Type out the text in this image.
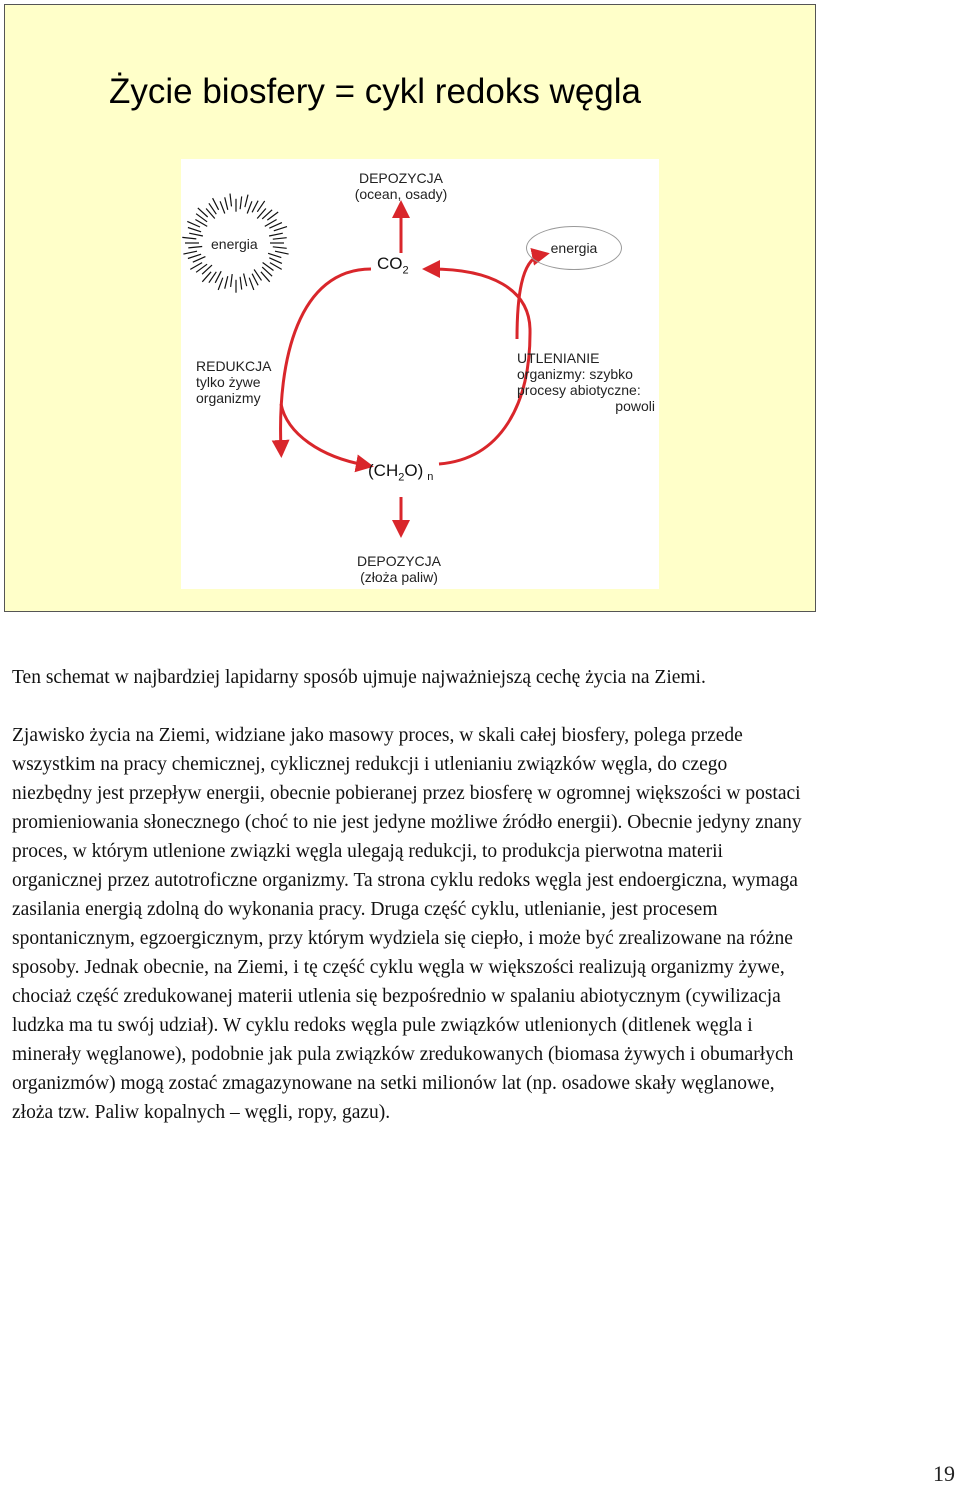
Życie biosfery = cykl redoks węgla
DEPOZYCJA
(ocean, osady)
energia
$CO_2$
energia
REDUKCJA
tylko żywe
organizmy
UTLENIANIE
organizmy: szybko
procesy abiotyczne:
powoli
$(CH_2O)$ $_n$
DEPOZYCJA
(złoża paliw)

Ten schemat w najbardziej lapidarny sposób ujmuje najważniejszą cechę życia na Ziemi.

Zjawisko życia na Ziemi, widziane jako masowy proces, w skali całej biosfery, polega przede wszystkim na pracy chemicznej, cyklicznej redukcji i utlenianiu związków węgla, do czego niezbędny jest przepływ energii, obecnie pobieranej przez biosferę w ogromnej większości w postaci promieniowania słonecznego (choć to nie jest jedyne możliwe źródło energii). Obecnie jedyny znany proces, w którym utlenione związki węgla ulegają redukcji, to produkcja pierwotna materii organicznej przez autotroficzne organizmy. Ta strona cyklu redoks węgla jest endoergiczna, wymaga zasilania energią zdolną do wykonania pracy. Druga część cyklu, utlenianie, jest procesem spontanicznym, egzoergicznym, przy którym wydziela się ciepło, i może być zrealizowane na różne sposoby. Jednak obecnie, na Ziemi, i tę część cyklu węgla w większości realizują organizmy żywe, chociaż część zredukowanej materii utlenia się bezpośrednio w spalaniu abiotycznym (cywilizacja ludzka ma tu swój udział). W cyklu redoks węgla pule związków utlenionych (ditlenek węgla i minerały węglanowe), podobnie jak pula związków zredukowanych (biomasa żywych i obumarłych organizmów) mogą zostać zmagazynowane na setki milionów lat (np. osadowe skały węglanowe, złoża tzw. Paliw kopalnych – węgli, ropy, gazu).

19
